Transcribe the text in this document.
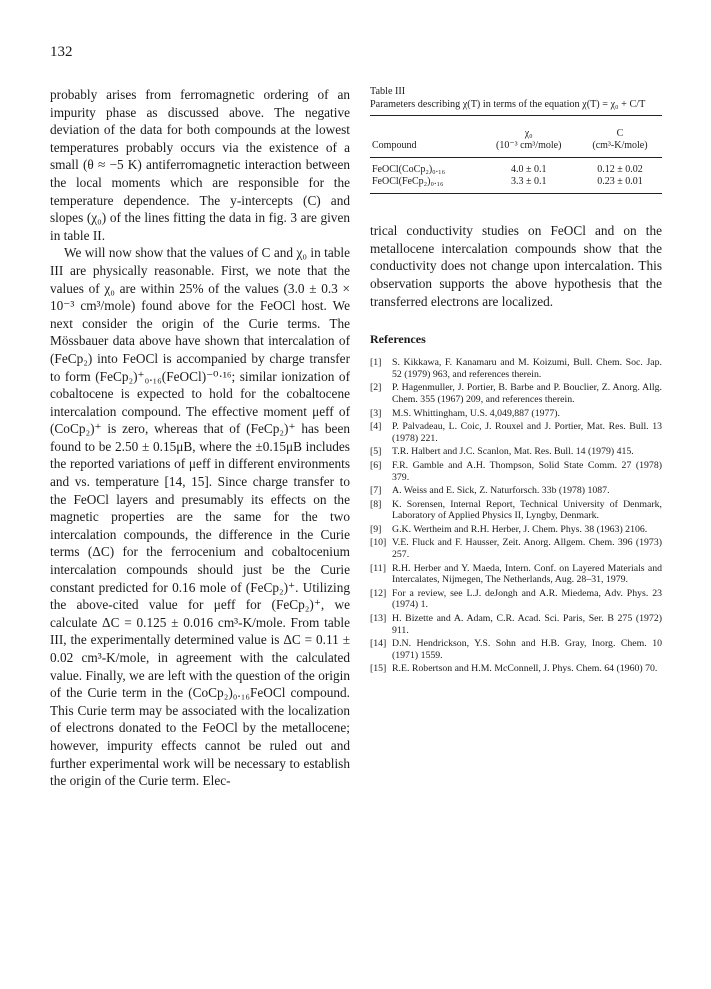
132

probably arises from ferromagnetic ordering of an impurity phase as discussed above. The negative deviation of the data for both compounds at the lowest temperatures probably occurs via the existence of a small (θ ≈ −5 K) antiferromagnetic interaction between the local moments which are responsible for the temperature dependence. The y-intercepts (C) and slopes (χ₀) of the lines fitting the data in fig. 3 are given in table II.

We will now show that the values of C and χ₀ in table III are physically reasonable. First, we note that the values of χ₀ are within 25% of the values (3.0 ± 0.3 × 10⁻³ cm³/mole) found above for the FeOCl host. We next consider the origin of the Curie terms. The Mössbauer data above have shown that intercalation of (FeCp₂) into FeOCl is accompanied by charge transfer to form (FeCp₂)⁺₀.₁₆(FeOCl)⁻⁰·¹⁶; similar ionization of cobaltocene is expected to hold for the cobaltocene intercalation compound. The effective moment μeff of (CoCp₂)⁺ is zero, whereas that of (FeCp₂)⁺ has been found to be 2.50 ± 0.15μB, where the ±0.15μB includes the reported variations of μeff in different environments and vs. temperature [14, 15]. Since charge transfer to the FeOCl layers and presumably its effects on the magnetic properties are the same for the two intercalation compounds, the difference in the Curie terms (ΔC) for the ferrocenium and cobaltocenium intercalation compounds should just be the Curie constant predicted for 0.16 mole of (FeCp₂)⁺. Utilizing the above-cited value for μeff for (FeCp₂)⁺, we calculate ΔC = 0.125 ± 0.016 cm³-K/mole. From table III, the experimentally determined value is ΔC = 0.11 ± 0.02 cm³-K/mole, in agreement with the calculated value. Finally, we are left with the question of the origin of the Curie term in the (CoCp₂)₀.₁₆FeOCl compound. This Curie term may be associated with the localization of electrons donated to the FeOCl by the metallocene; however, impurity effects cannot be ruled out and further experimental work will be necessary to establish the origin of the Curie term. Elec-

Table III
Parameters describing χ(T) in terms of the equation χ(T) = χ₀ + C/T
	χ₀	C
Compound	(10⁻³ cm³/mole)	(cm³-K/mole)
FeOCl(CoCp₂)₀.₁₆	4.0 ± 0.1	0.12 ± 0.02
FeOCl(FeCp₂)₀.₁₆	3.3 ± 0.1	0.23 ± 0.01

trical conductivity studies on FeOCl and on the metallocene intercalation compounds show that the conductivity does not change upon intercalation. This observation supports the above hypothesis that the transferred electrons are localized.

References
[1] S. Kikkawa, F. Kanamaru and M. Koizumi, Bull. Chem. Soc. Jap. 52 (1979) 963, and references therein.
[2] P. Hagenmuller, J. Portier, B. Barbe and P. Bouclier, Z. Anorg. Allg. Chem. 355 (1967) 209, and references therein.
[3] M.S. Whittingham, U.S. 4,049,887 (1977).
[4] P. Palvadeau, L. Coic, J. Rouxel and J. Portier, Mat. Res. Bull. 13 (1978) 221.
[5] T.R. Halbert and J.C. Scanlon, Mat. Res. Bull. 14 (1979) 415.
[6] F.R. Gamble and A.H. Thompson, Solid State Comm. 27 (1978) 379.
[7] A. Weiss and E. Sick, Z. Naturforsch. 33b (1978) 1087.
[8] K. Sorensen, Internal Report, Technical University of Denmark, Laboratory of Applied Physics II, Lyngby, Denmark.
[9] G.K. Wertheim and R.H. Herber, J. Chem. Phys. 38 (1963) 2106.
[10] V.E. Fluck and F. Hausser, Zeit. Anorg. Allgem. Chem. 396 (1973) 257.
[11] R.H. Herber and Y. Maeda, Intern. Conf. on Layered Materials and Intercalates, Nijmegen, The Netherlands, Aug. 28–31, 1979.
[12] For a review, see L.J. deJongh and A.R. Miedema, Adv. Phys. 23 (1974) 1.
[13] H. Bizette and A. Adam, C.R. Acad. Sci. Paris, Ser. B 275 (1972) 911.
[14] D.N. Hendrickson, Y.S. Sohn and H.B. Gray, Inorg. Chem. 10 (1971) 1559.
[15] R.E. Robertson and H.M. McConnell, J. Phys. Chem. 64 (1960) 70.
